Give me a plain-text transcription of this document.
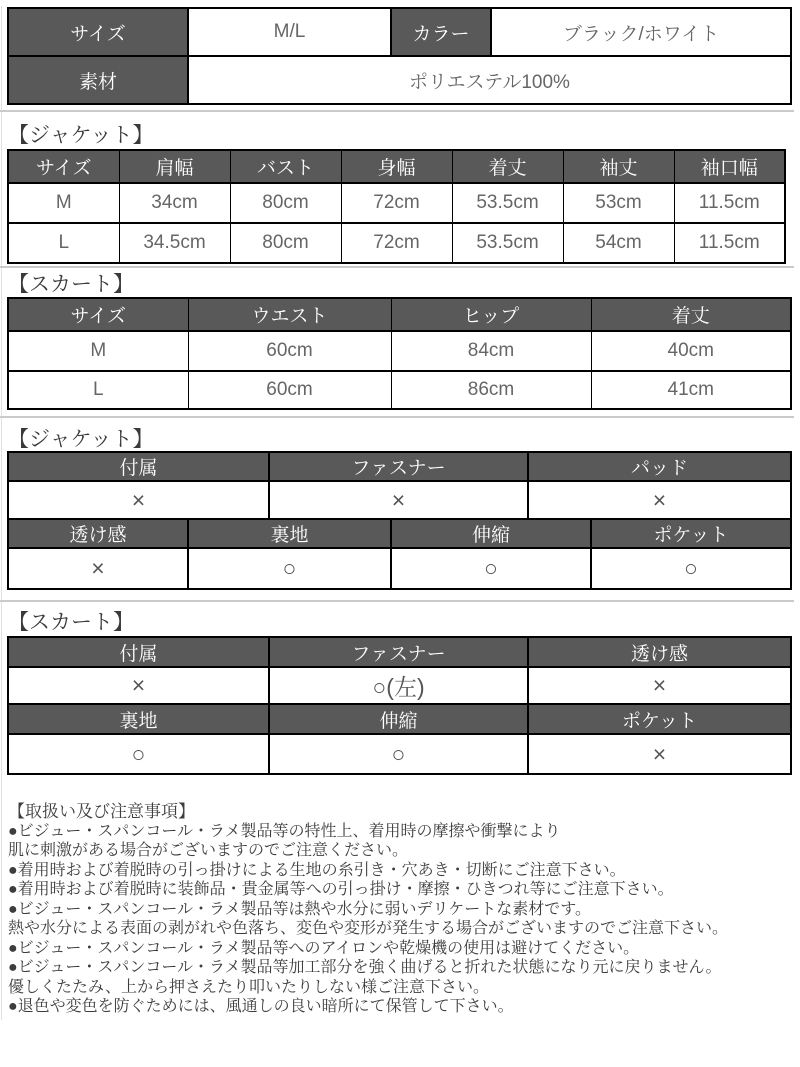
サイズ	M/L	カラー	ブラック/ホワイト
素材	ポリエステル100%		
【ジャケット】
サイズ	肩幅	バスト	身幅	着丈	袖丈	袖口幅
M	34cm	80cm	72cm	53.5cm	53cm	11.5cm
L	34.5cm	80cm	72cm	53.5cm	54cm	11.5cm
【スカート】
サイズ	ウエスト	ヒップ	着丈
M	60cm	84cm	40cm
L	60cm	86cm	41cm
【ジャケット】
付属	ファスナー	パッド
×	×	×
透け感	裏地	伸縮	ポケット
×	○	○	○
【スカート】
付属	ファスナー	透け感
×	○(左)	×
裏地	伸縮	ポケット
○	○	×
【取扱い及び注意事項】
●ビジュー・スパンコール・ラメ製品等の特性上、着用時の摩擦や衝撃により
肌に刺激がある場合がございますのでご注意ください。
●着用時および着脱時の引っ掛けによる生地の糸引き・穴あき・切断にご注意下さい。
●着用時および着脱時に装飾品・貴金属等への引っ掛け・摩擦・ひきつれ等にご注意下さい。
●ビジュー・スパンコール・ラメ製品等は熱や水分に弱いデリケートな素材です。
熱や水分による表面の剥がれや色落ち、変色や変形が発生する場合がございますのでご注意下さい。
●ビジュー・スパンコール・ラメ製品等へのアイロンや乾燥機の使用は避けてください。
●ビジュー・スパンコール・ラメ製品等加工部分を強く曲げると折れた状態になり元に戻りません。
優しくたたみ、上から押さえたり叩いたりしない様ご注意下さい。
●退色や変色を防ぐためには、風通しの良い暗所にて保管して下さい。
